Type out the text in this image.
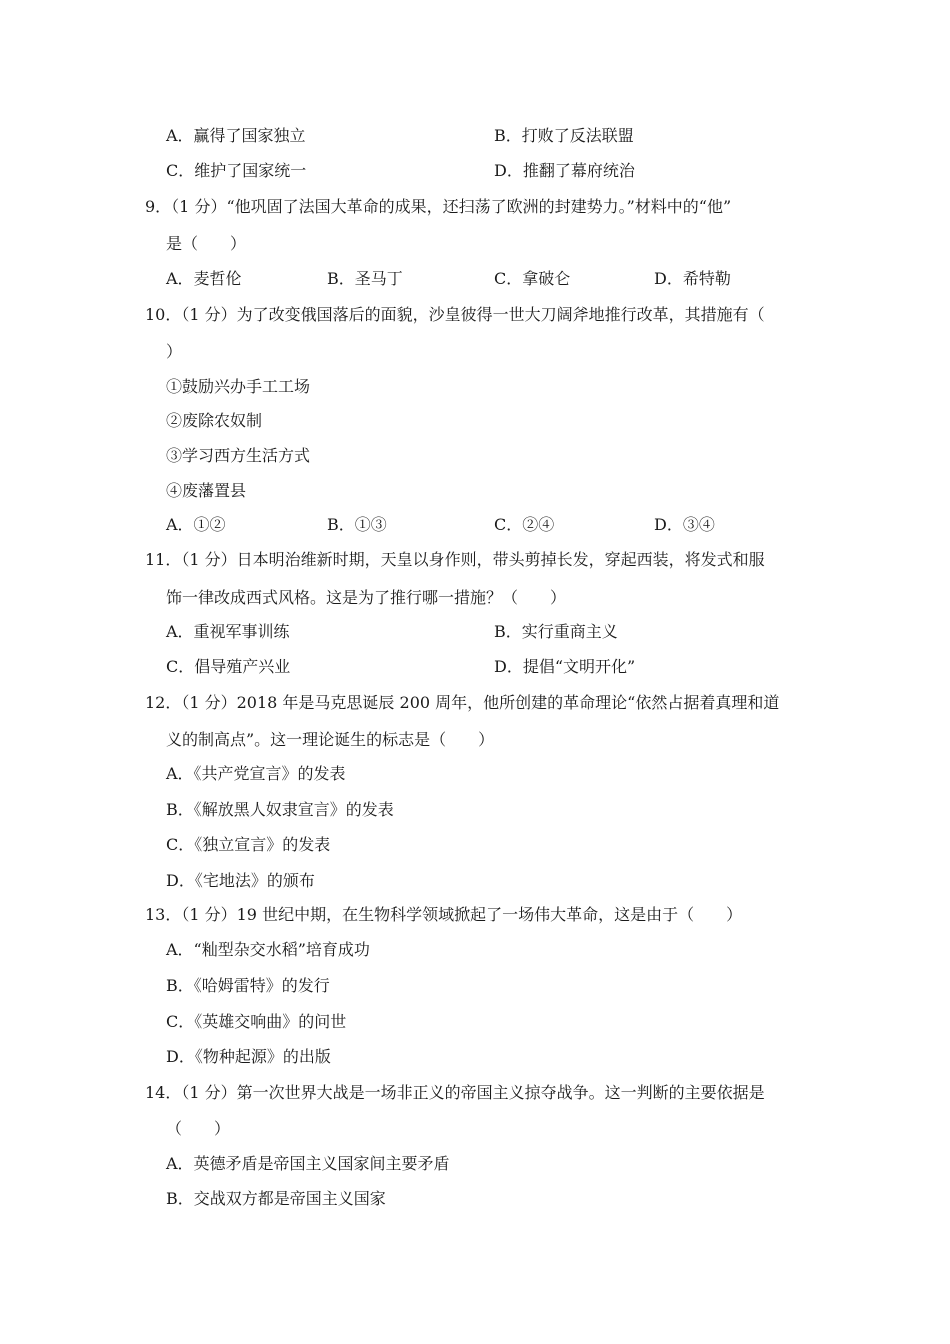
A．赢得了国家独立	B．打败了反法联盟
C．维护了国家统一	D．推翻了幕府统治
9．（1 分）“他巩固了法国大革命的成果，还扫荡了欧洲的封建势力。”材料中的“他”
是（　　）
A．麦哲伦	B．圣马丁	C．拿破仑	D．希特勒
10．（1 分）为了改变俄国落后的面貌，沙皇彼得一世大刀阔斧地推行改革，其措施有（
）
①鼓励兴办手工工场
②废除农奴制
③学习西方生活方式
④废藩置县
A．①②	B．①③	C．②④	D．③④
11．（1 分）日本明治维新时期，天皇以身作则，带头剪掉长发，穿起西装，将发式和服
饰一律改成西式风格。这是为了推行哪一措施？（　　）
A．重视军事训练	B．实行重商主义
C．倡导殖产兴业	D．提倡“文明开化”
12．（1 分）2018 年是马克思诞辰 200 周年，他所创建的革命理论“依然占据着真理和道
义的制高点”。这一理论诞生的标志是（　　）
A．《共产党宣言》的发表
B．《解放黑人奴隶宣言》的发表
C．《独立宣言》的发表
D．《宅地法》的颁布
13．（1 分）19 世纪中期，在生物科学领域掀起了一场伟大革命，这是由于（　　）
A．“籼型杂交水稻”培育成功
B．《哈姆雷特》的发行
C．《英雄交响曲》的问世
D．《物种起源》的出版
14．（1 分）第一次世界大战是一场非正义的帝国主义掠夺战争。这一判断的主要依据是
（　　）
A．英德矛盾是帝国主义国家间主要矛盾
B．交战双方都是帝国主义国家
